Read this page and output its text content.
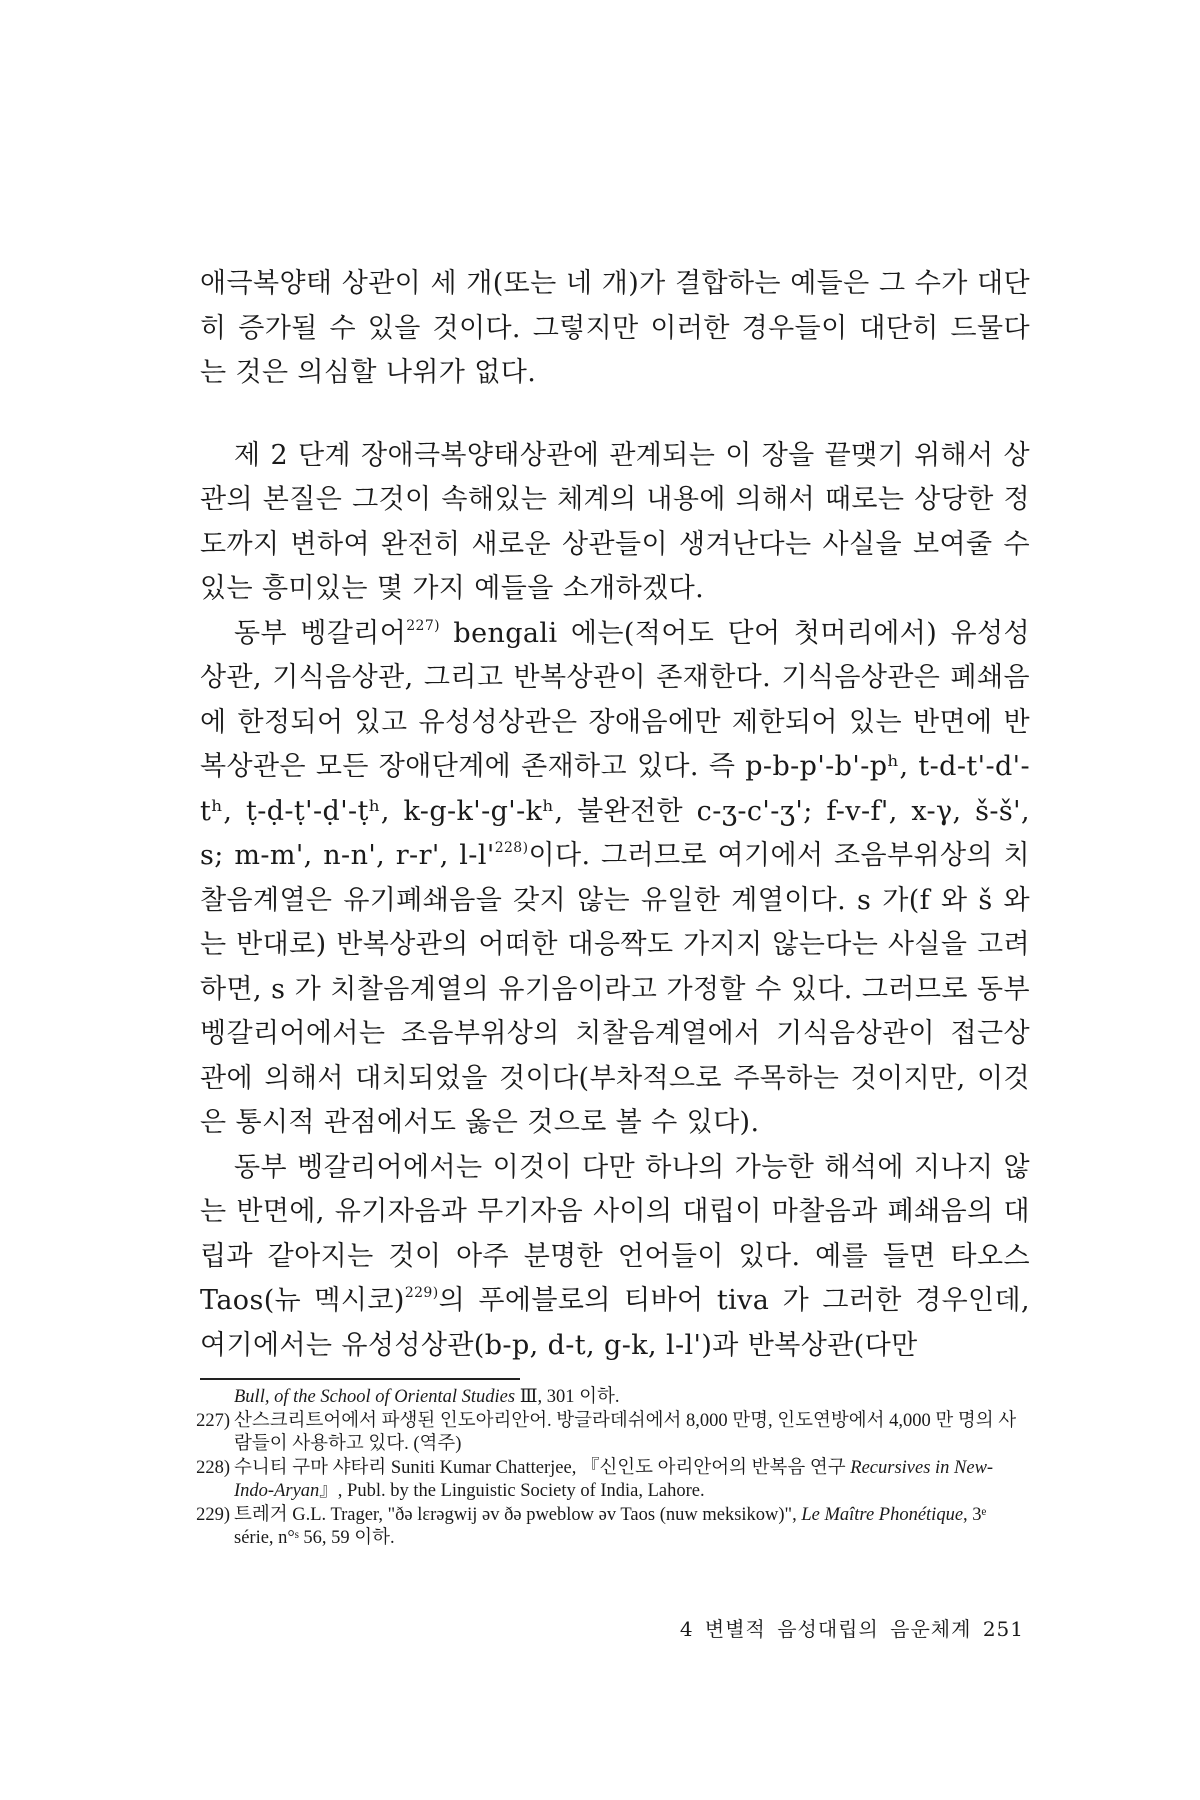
애극복양태 상관이 세 개(또는 네 개)가 결합하는 예들은 그 수가 대단히 증가될 수 있을 것이다. 그렇지만 이러한 경우들이 대단히 드물다는 것은 의심할 나위가 없다.

제 2 단계 장애극복양태상관에 관계되는 이 장을 끝맺기 위해서 상관의 본질은 그것이 속해있는 체계의 내용에 의해서 때로는 상당한 정도까지 변하여 완전히 새로운 상관들이 생겨난다는 사실을 보여줄 수 있는 흥미있는 몇 가지 예들을 소개하겠다.

동부 벵갈리어$^{227)}$ bengali 에는(적어도 단어 첫머리에서) 유성성상관, 기식음상관, 그리고 반복상관이 존재한다. 기식음상관은 폐쇄음에 한정되어 있고 유성성상관은 장애음에만 제한되어 있는 반면에 반복상관은 모든 장애단계에 존재하고 있다. 즉 p-b-p'-b'-pʰ, t-d-t'-d'-tʰ, ṭ-ḍ-ṭ'-ḍ'-ṭʰ, k-g-k'-g'-kʰ, 불완전한 c-ʒ-c'-ʒ'; f-v-f', x-γ, š-š', s; m-m', n-n', r-r', $l-l'^{228)}$이다. 그러므로 여기에서 조음부위상의 치찰음계열은 유기폐쇄음을 갖지 않는 유일한 계열이다. s 가(f 와 š 와는 반대로) 반복상관의 어떠한 대응짝도 가지지 않는다는 사실을 고려하면, s 가 치찰음계열의 유기음이라고 가정할 수 있다. 그러므로 동부 벵갈리어에서는 조음부위상의 치찰음계열에서 기식음상관이 접근상관에 의해서 대치되었을 것이다(부차적으로 주목하는 것이지만, 이것은 통시적 관점에서도 옳은 것으로 볼 수 있다).

동부 벵갈리어에서는 이것이 다만 하나의 가능한 해석에 지나지 않는 반면에, 유기자음과 무기자음 사이의 대립이 마찰음과 폐쇄음의 대립과 같아지는 것이 아주 분명한 언어들이 있다. 예를 들면 타오스 Taos(뉴 멕시코)$^{229)}$의 푸에블로의 티바어 tiva 가 그러한 경우인데, 여기에서는 유성성상관(b-p, d-t, g-k, l-l')과 반복상관(다만

Bull, of the School of Oriental Studies Ⅲ, 301 이하.
227) 산스크리트어에서 파생된 인도아리안어. 방글라데쉬에서 8,000 만명, 인도연방에서 4,000 만 명의 사람들이 사용하고 있다. (역주)
228) 수니티 구마 샤타리 Suniti Kumar Chatterjee, 『신인도 아리안어의 반복음 연구 Recursives in New-Indo-Aryan』, Publ. by the Linguistic Society of India, Lahore.
229) 트레거 G.L. Trager, "ðə lɛrəgwij əv ðə pweblow əv Taos (nuw meksikow)", Le Maître Phonétique, 3ᵉ série, n°ˢ 56, 59 이하.
4 변별적 음성대립의 음운체계 251
